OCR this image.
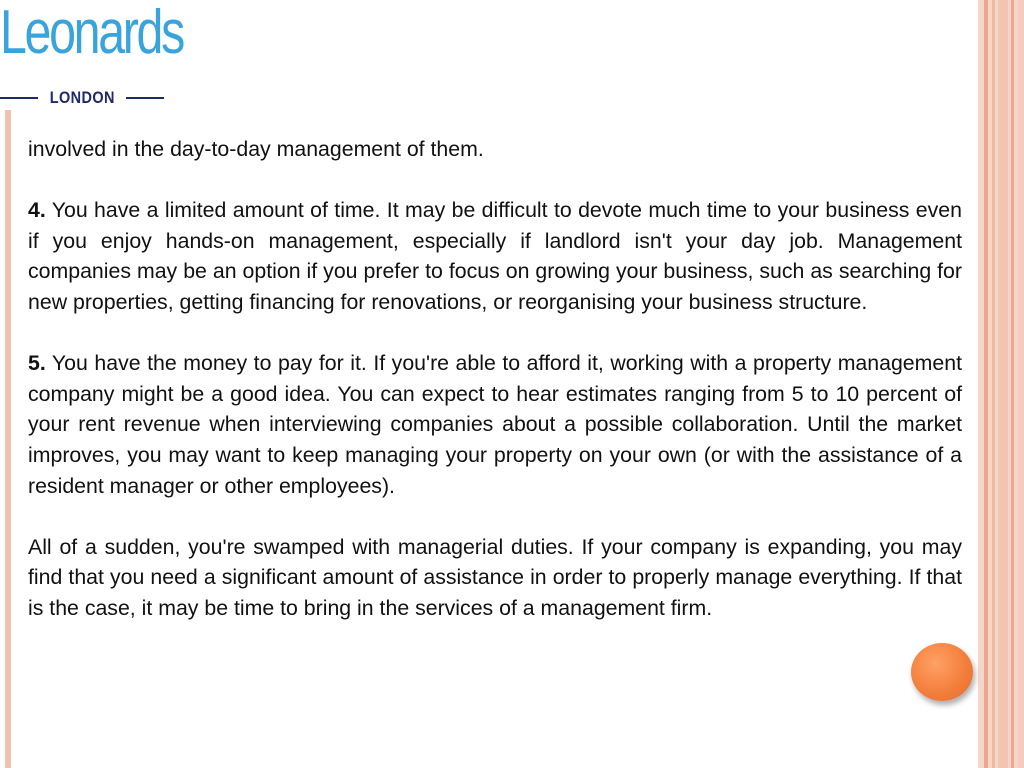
Leonards
LONDON

involved in the day-to-day management of them.

4. You have a limited amount of time. It may be difficult to devote much time to your business even if you enjoy hands-on management, especially if landlord isn't your day job. Management companies may be an option if you prefer to focus on growing your business, such as searching for new properties, getting financing for renovations, or reorganising your business structure.

5. You have the money to pay for it. If you're able to afford it, working with a property management company might be a good idea. You can expect to hear estimates ranging from 5 to 10 percent of your rent revenue when interviewing companies about a possible collaboration. Until the market improves, you may want to keep managing your property on your own (or with the assistance of a resident manager or other employees).

All of a sudden, you're swamped with managerial duties. If your company is expanding, you may find that you need a significant amount of assistance in order to properly manage everything. If that is the case, it may be time to bring in the services of a management firm.
